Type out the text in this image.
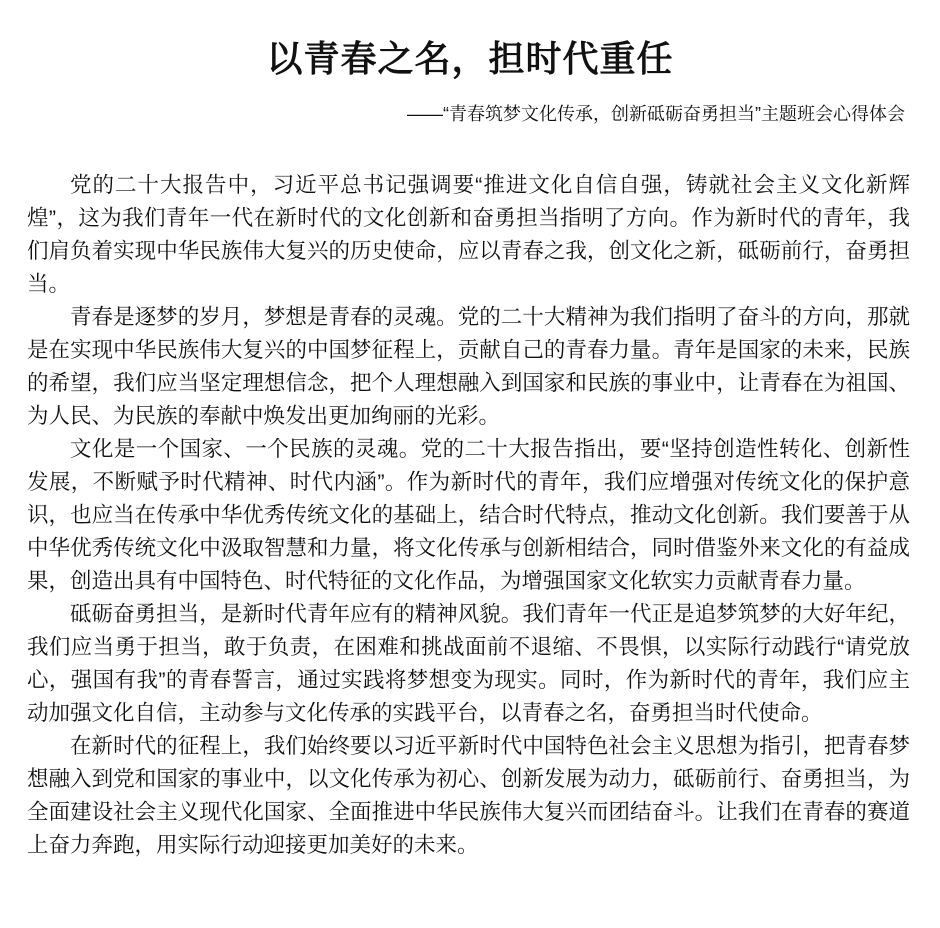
以青春之名，担时代重任
——“青春筑梦文化传承，创新砥砺奋勇担当”主题班会心得体会

党的二十大报告中，习近平总书记强调要“推进文化自信自强，铸就社会主义文化新辉煌”，这为我们青年一代在新时代的文化创新和奋勇担当指明了方向。作为新时代的青年，我们肩负着实现中华民族伟大复兴的历史使命，应以青春之我，创文化之新，砥砺前行，奋勇担当。

青春是逐梦的岁月，梦想是青春的灵魂。党的二十大精神为我们指明了奋斗的方向，那就是在实现中华民族伟大复兴的中国梦征程上，贡献自己的青春力量。青年是国家的未来，民族的希望，我们应当坚定理想信念，把个人理想融入到国家和民族的事业中，让青春在为祖国、为人民、为民族的奉献中焕发出更加绚丽的光彩。

文化是一个国家、一个民族的灵魂。党的二十大报告指出，要“坚持创造性转化、创新性发展，不断赋予时代精神、时代内涵”。作为新时代的青年，我们应增强对传统文化的保护意识，也应当在传承中华优秀传统文化的基础上，结合时代特点，推动文化创新。我们要善于从中华优秀传统文化中汲取智慧和力量，将文化传承与创新相结合，同时借鉴外来文化的有益成果，创造出具有中国特色、时代特征的文化作品，为增强国家文化软实力贡献青春力量。

砥砺奋勇担当，是新时代青年应有的精神风貌。我们青年一代正是追梦筑梦的大好年纪，我们应当勇于担当，敢于负责，在困难和挑战面前不退缩、不畏惧，以实际行动践行“请党放心，强国有我”的青春誓言，通过实践将梦想变为现实。同时，作为新时代的青年，我们应主动加强文化自信，主动参与文化传承的实践平台，以青春之名，奋勇担当时代使命。

在新时代的征程上，我们始终要以习近平新时代中国特色社会主义思想为指引，把青春梦想融入到党和国家的事业中，以文化传承为初心、创新发展为动力，砥砺前行、奋勇担当，为全面建设社会主义现代化国家、全面推进中华民族伟大复兴而团结奋斗。让我们在青春的赛道上奋力奔跑，用实际行动迎接更加美好的未来。
